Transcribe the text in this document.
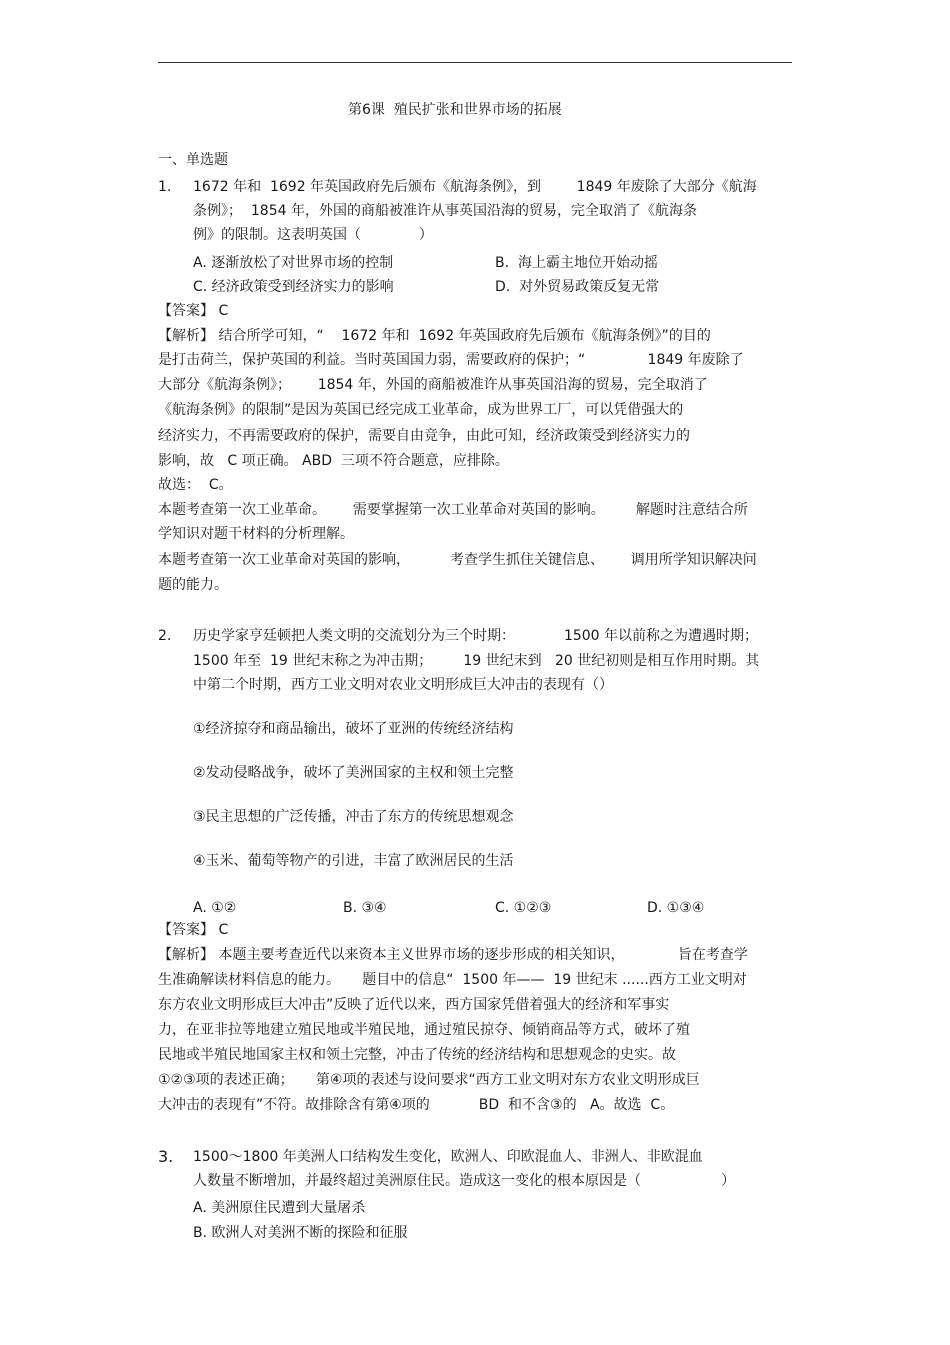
第6课  殖民扩张和世界市场的拓展
一、单选题
1. 1672 年和  1692 年英国政府先后颁布《航海条例》，到        1849 年废除了大部分《航海
条例》；  1854 年，外国的商船被准许从事英国沿海的贸易，完全取消了《航海条
例》的限制。这表明英国（             ）
A. 逐渐放松了对世界市场的控制	B.  海上霸主地位开始动摇
C. 经济政策受到经济实力的影响	D.  对外贸易政策反复无常
【答案】 C
【解析】 结合所学可知，“    1672 年和  1692 年英国政府先后颁布《航海条例》”的目的
是打击荷兰，保护英国的利益。当时英国国力弱，需要政府的保护；“              1849 年废除了
大部分《航海条例》；      1854 年，外国的商船被准许从事英国沿海的贸易，完全取消了
《航海条例》的限制”是因为英国已经完成工业革命，成为世界工厂，可以凭借强大的
经济实力，不再需要政府的保护，需要自由竞争，由此可知，经济政策受到经济实力的
影响，故   C 项正确。 ABD  三项不符合题意，应排除。
故选：  C。
本题考查第一次工业革命。      需要掌握第一次工业革命对英国的影响。       解题时注意结合所
学知识对题干材料的分析理解。
本题考查第一次工业革命对英国的影响，         考查学生抓住关键信息、      调用所学知识解决问
题的能力。
2. 历史学家亨廷顿把人类文明的交流划分为三个时期：           1500 年以前称之为遭遇时期；
1500 年至  19 世纪末称之为冲击期；       19 世纪末到   20 世纪初则是相互作用时期。其
中第二个时期，西方工业文明对农业文明形成巨大冲击的表现有（）
①经济掠夺和商品输出，破坏了亚洲的传统经济结构
②发动侵略战争，破坏了美洲国家的主权和领土完整
③民主思想的广泛传播，冲击了东方的传统思想观念
④玉米、葡萄等物产的引进，丰富了欧洲居民的生活
A. ①②	B. ③④	C. ①②③	D. ①③④
【答案】 C
【解析】 本题主要考查近代以来资本主义世界市场的逐步形成的相关知识，            旨在考查学
生准确解读材料信息的能力。     题目中的信息“  1500 年——  19 世纪末 ......西方工业文明对
东方农业文明形成巨大冲击”反映了近代以来，西方国家凭借着强大的经济和军事实
力，在亚非拉等地建立殖民地或半殖民地，通过殖民掠夺、倾销商品等方式，破坏了殖
民地或半殖民地国家主权和领土完整，冲击了传统的经济结构和思想观念的史实。故
①②③项的表述正确；     第④项的表述与设问要求“西方工业文明对东方农业文明形成巨
大冲击的表现有”不符。故排除含有第④项的           BD  和不含③的   A。故选  C。
3. 1500～1800 年美洲人口结构发生变化，欧洲人、印欧混血人、非洲人、非欧混血
人数量不断增加，并最终超过美洲原住民。造成这一变化的根本原因是（                  ）
A. 美洲原住民遭到大量屠杀
B. 欧洲人对美洲不断的探险和征服
